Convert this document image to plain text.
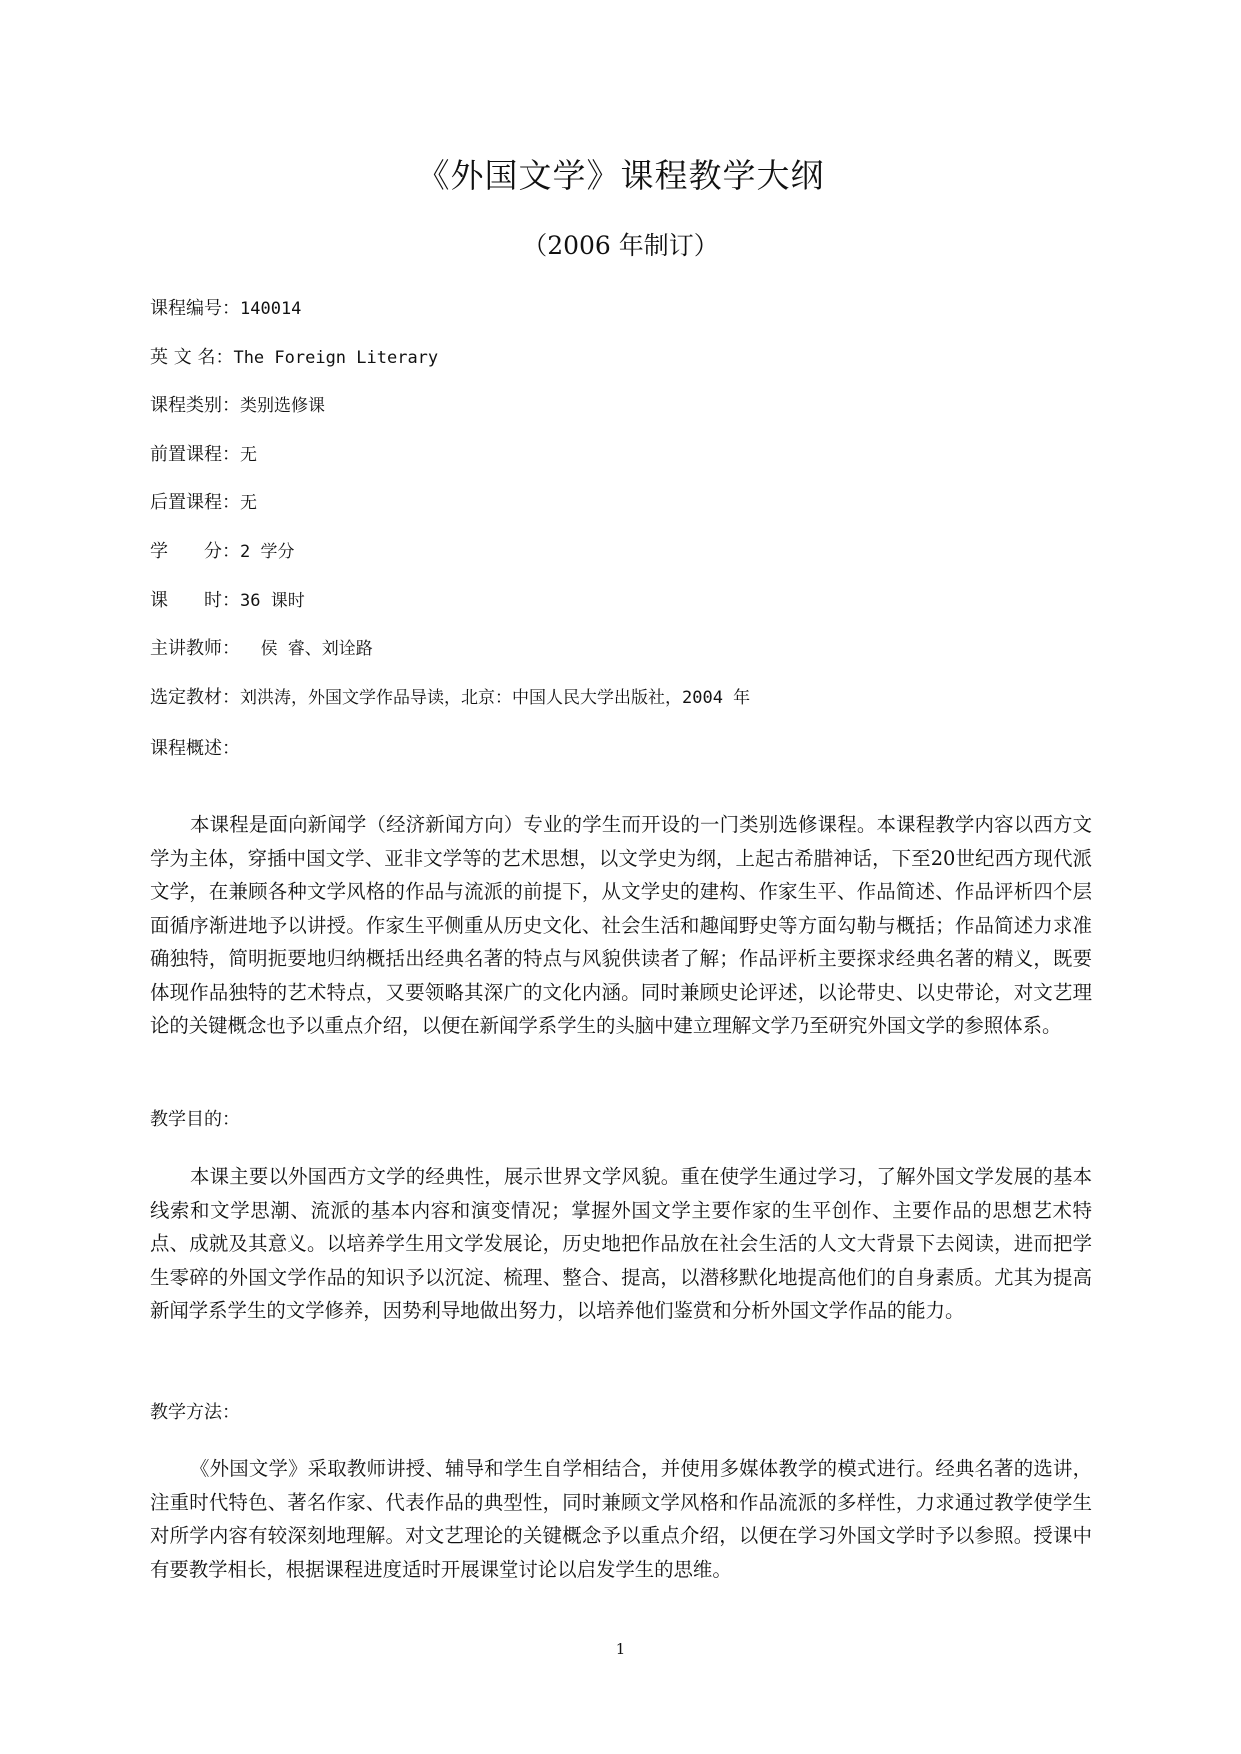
《外国文学》课程教学大纲
（2006 年制订）
课程编号：140014
英 文 名：The Foreign Literary
课程类别：类别选修课
前置课程：无
后置课程：无
学　　分：2 学分
课　　时：36 课时
主讲教师：  侯 睿、刘诠路
选定教材：刘洪涛，外国文学作品导读，北京：中国人民大学出版社，2004 年
课程概述：
本课程是面向新闻学（经济新闻方向）专业的学生而开设的一门类别选修课程。本课程教学内容以西方文学为主体，穿插中国文学、亚非文学等的艺术思想，以文学史为纲，上起古希腊神话，下至20世纪西方现代派文学，在兼顾各种文学风格的作品与流派的前提下，从文学史的建构、作家生平、作品简述、作品评析四个层面循序渐进地予以讲授。作家生平侧重从历史文化、社会生活和趣闻野史等方面勾勒与概括；作品简述力求准确独特，简明扼要地归纳概括出经典名著的特点与风貌供读者了解；作品评析主要探求经典名著的精义，既要体现作品独特的艺术特点，又要领略其深广的文化内涵。同时兼顾史论评述，以论带史、以史带论，对文艺理论的关键概念也予以重点介绍，以便在新闻学系学生的头脑中建立理解文学乃至研究外国文学的参照体系。
教学目的：
本课主要以外国西方文学的经典性，展示世界文学风貌。重在使学生通过学习，了解外国文学发展的基本线索和文学思潮、流派的基本内容和演变情况；掌握外国文学主要作家的生平创作、主要作品的思想艺术特点、成就及其意义。以培养学生用文学发展论，历史地把作品放在社会生活的人文大背景下去阅读，进而把学生零碎的外国文学作品的知识予以沉淀、梳理、整合、提高，以潜移默化地提高他们的自身素质。尤其为提高新闻学系学生的文学修养，因势利导地做出努力，以培养他们鉴赏和分析外国文学作品的能力。
教学方法：
《外国文学》采取教师讲授、辅导和学生自学相结合，并使用多媒体教学的模式进行。经典名著的选讲，注重时代特色、著名作家、代表作品的典型性，同时兼顾文学风格和作品流派的多样性，力求通过教学使学生对所学内容有较深刻地理解。对文艺理论的关键概念予以重点介绍，以便在学习外国文学时予以参照。授课中有要教学相长，根据课程进度适时开展课堂讨论以启发学生的思维。
1
